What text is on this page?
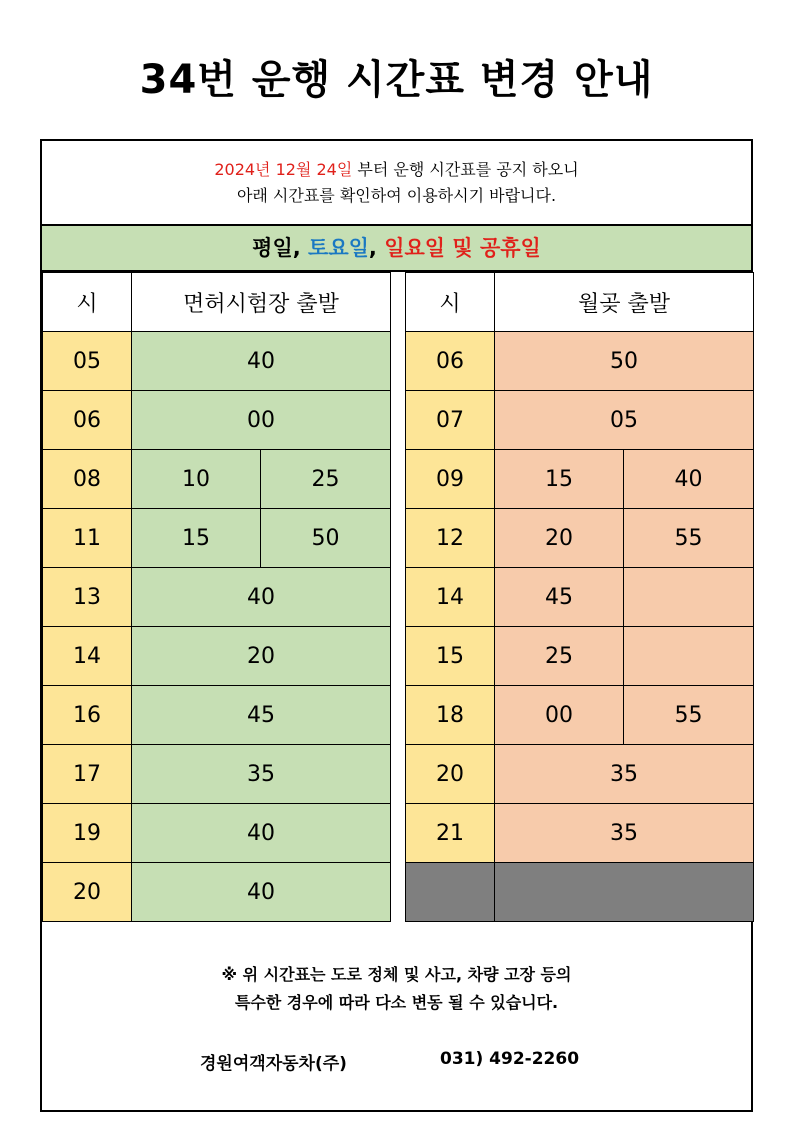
34번 운행 시간표 변경 안내
2024년 12월 24일 부터 운행 시간표를 공지 하오니
아래 시간표를 확인하여 이용하시기 바랍니다.
평일, 토요일, 일요일 및 공휴일
시	면허시험장 출발	
05	40	
06	00	
08	10	25
11	15	50
13	40	
14	20	
16	45	
17	35	
19	40	
20	40	
시	월곶 출발	
06	50	
07	05	
09	15	40
12	20	55
14	45	
15	25	
18	00	55
20	35	
21	35	

※ 위 시간표는 도로 정체 및 사고, 차량 고장 등의
특수한 경우에 따라 다소 변동 될 수 있습니다.
경원여객자동차(주)	031) 492-2260
